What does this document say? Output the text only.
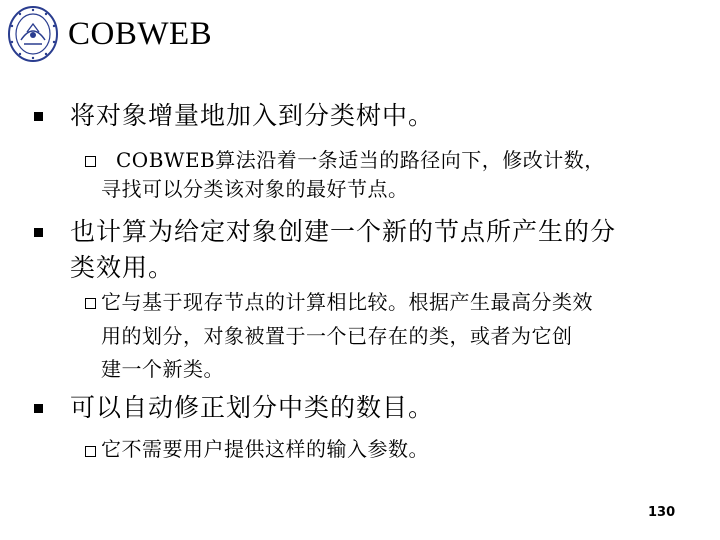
COBWEB
将对象增量地加入到分类树中。
COBWEB算法沿着一条适当的路径向下，修改计数，
寻找可以分类该对象的最好节点。
也计算为给定对象创建一个新的节点所产生的分
类效用。
它与基于现存节点的计算相比较。根据产生最高分类效
用的划分，对象被置于一个已存在的类，或者为它创
建一个新类。
可以自动修正划分中类的数目。
它不需要用户提供这样的输入参数。
130
